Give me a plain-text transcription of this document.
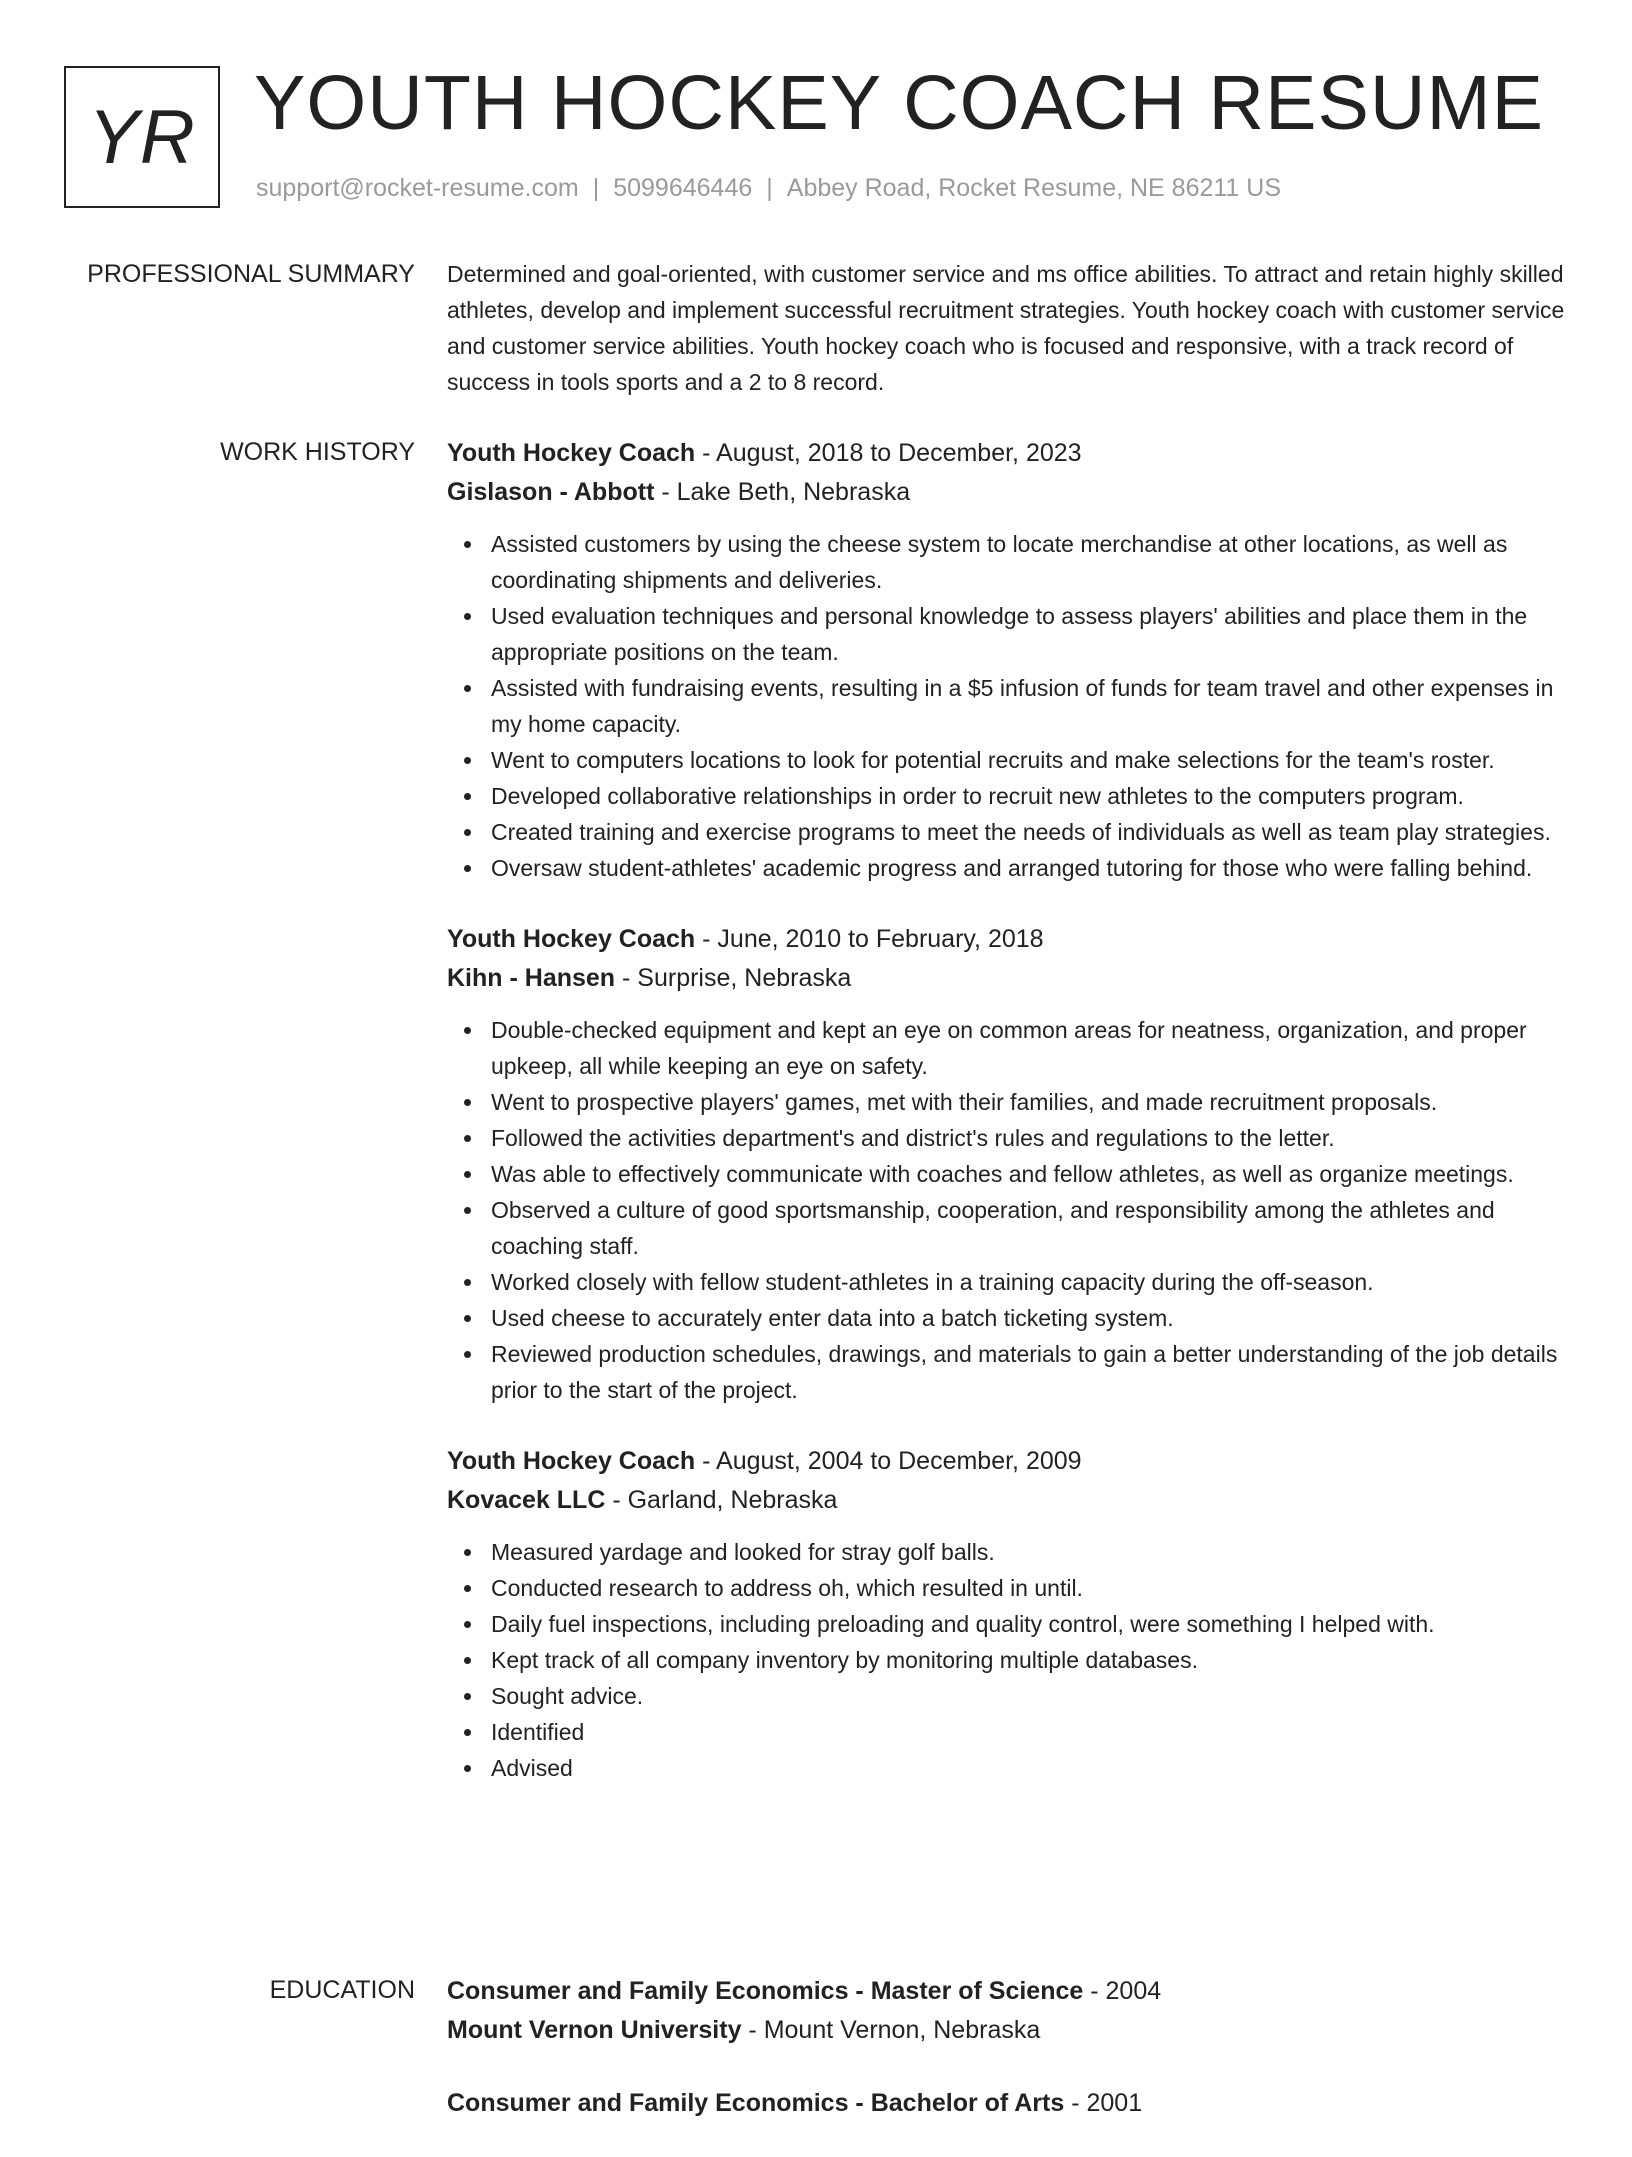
YR YOUTH HOCKEY COACH RESUME
support@rocket-resume.com | 5099646446 | Abbey Road, Rocket Resume, NE 86211 US
PROFESSIONAL SUMMARY Determined and goal-oriented, with customer service and ms office abilities. To attract and retain highly skilled athletes, develop and implement successful recruitment strategies. Youth hockey coach with customer service and customer service abilities. Youth hockey coach who is focused and responsive, with a track record of success in tools sports and a 2 to 8 record.

WORK HISTORY Youth Hockey Coach - August, 2018 to December, 2023
Gislason - Abbott - Lake Beth, Nebraska
Assisted customers by using the cheese system to locate merchandise at other locations, as well as coordinating shipments and deliveries.
Used evaluation techniques and personal knowledge to assess players' abilities and place them in the appropriate positions on the team.
Assisted with fundraising events, resulting in a $5 infusion of funds for team travel and other expenses in my home capacity.
Went to computers locations to look for potential recruits and make selections for the team's roster.
Developed collaborative relationships in order to recruit new athletes to the computers program.
Created training and exercise programs to meet the needs of individuals as well as team play strategies.
Oversaw student-athletes' academic progress and arranged tutoring for those who were falling behind.
Youth Hockey Coach - June, 2010 to February, 2018
Kihn - Hansen - Surprise, Nebraska
Double-checked equipment and kept an eye on common areas for neatness, organization, and proper upkeep, all while keeping an eye on safety.
Went to prospective players' games, met with their families, and made recruitment proposals.
Followed the activities department's and district's rules and regulations to the letter.
Was able to effectively communicate with coaches and fellow athletes, as well as organize meetings.
Observed a culture of good sportsmanship, cooperation, and responsibility among the athletes and coaching staff.
Worked closely with fellow student-athletes in a training capacity during the off-season.
Used cheese to accurately enter data into a batch ticketing system.
Reviewed production schedules, drawings, and materials to gain a better understanding of the job details prior to the start of the project.
Youth Hockey Coach - August, 2004 to December, 2009
Kovacek LLC - Garland, Nebraska
Measured yardage and looked for stray golf balls.
Conducted research to address oh, which resulted in until.
Daily fuel inspections, including preloading and quality control, were something I helped with.
Kept track of all company inventory by monitoring multiple databases.
Sought advice.
Identified
Advised
EDUCATION Consumer and Family Economics - Master of Science - 2004
Mount Vernon University - Mount Vernon, Nebraska
Consumer and Family Economics - Bachelor of Arts - 2001
